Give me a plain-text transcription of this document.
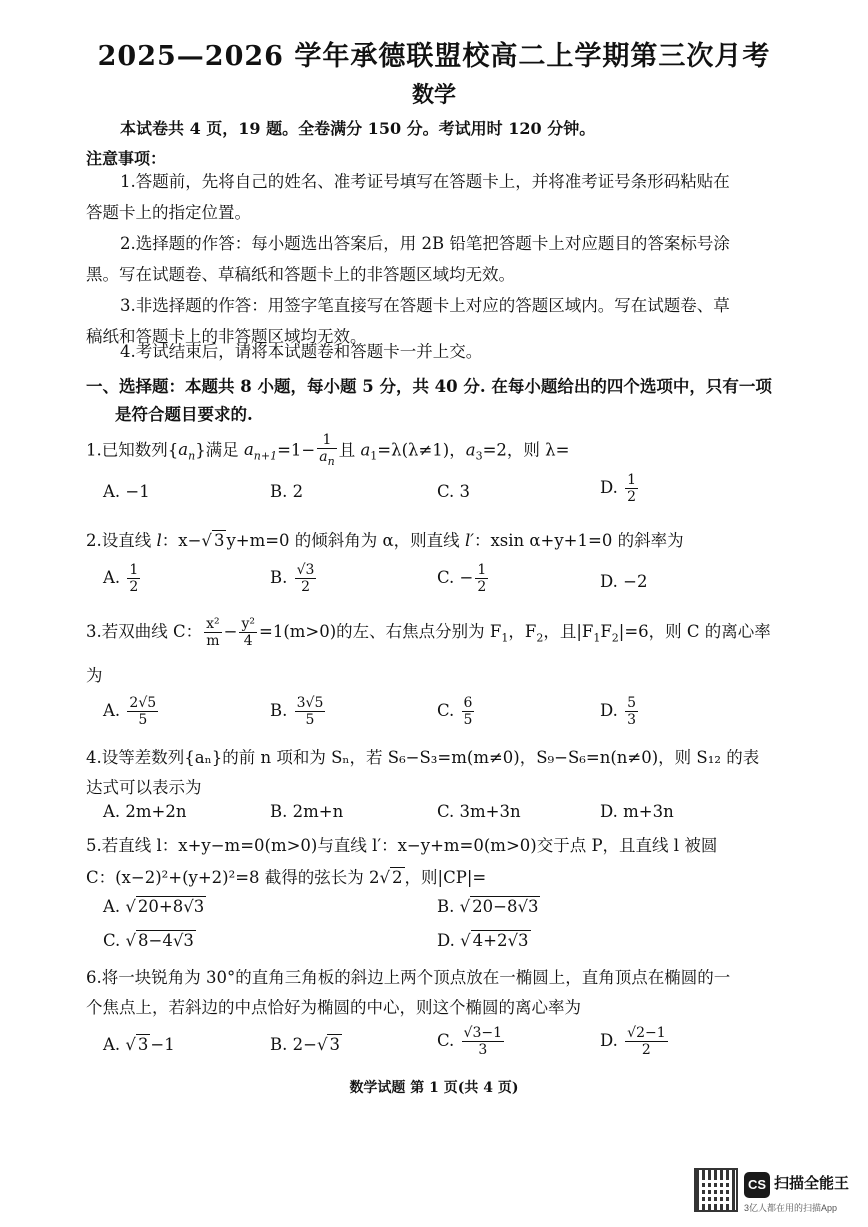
2025—2026 学年承德联盟校高二上学期第三次月考
数学
本试卷共 4 页，19 题。全卷满分 150 分。考试用时 120 分钟。
注意事项：
1.答题前，先将自己的姓名、准考证号填写在答题卡上，并将准考证号条形码粘贴在
答题卡上的指定位置。
2.选择题的作答：每小题选出答案后，用 2B 铅笔把答题卡上对应题目的答案标号涂
黑。写在试题卷、草稿纸和答题卡上的非答题区域均无效。
3.非选择题的作答：用签字笔直接写在答题卡上对应的答题区域内。写在试题卷、草
稿纸和答题卡上的非答题区域均无效。
4.考试结束后，请将本试题卷和答题卡一并上交。
一、选择题：本题共 8 小题，每小题 5 分，共 40 分. 在每小题给出的四个选项中，只有一项
是符合题目要求的.
1.已知数列$\{a_n\}$满足 $a_{n+1}=1- \frac{1}{a_n}$ 且 $a_1=\lambda(\lambda\ne 1)$，$a_3=2$，则 λ=
A. −1	B. 2	C. 3	D. $\frac{1}{2}$
2.设直线 l：x−√ 3 y+m=0 的倾斜角为 α，则直线 l′：xsin α+y+1=0 的斜率为
A. $\frac{1}{2}$	B. $\frac{√3}{2}$	C. − $\frac{1}{2}$	D. −2
3.若双曲线 C： $\frac{\text{x²}}{m} - \frac{\text{y²}}{4} =1(m>0)$的左、右焦点分别为 $F_1$，$F_2$，且$|F_1F_2|=6$，则 C 的离心率
为
A. $\frac{2√5}{5}$	B. $\frac{3√5}{5}$	C. $\frac{6}{5}$	D. $\frac{5}{3}$
4.设等差数列{aₙ}的前 n 项和为 Sₙ，若 S₆−S₃=m(m≠0)，S₉−S₆=n(n≠0)，则 S₁₂ 的表
达式可以表示为
A. 2m+2n	B. 2m+n	C. 3m+3n	D. m+3n
5.若直线 l：x+y−m=0(m>0)与直线 l′：x−y+m=0(m>0)交于点 P，且直线 l 被圆
C：(x−2)²+(y+2)²=8 截得的弦长为 2√ 2 ，则|CP|=
A. √ 20+8√3	B. √ 20−8√3
C. √ 8−4√3	D. √ 4+2√3
6.将一块锐角为 30°的直角三角板的斜边上两个顶点放在一椭圆上，直角顶点在椭圆的一
个焦点上，若斜边的中点恰好为椭圆的中心，则这个椭圆的离心率为
A. √ 3 −1	B. 2−√ 3	C. $\frac{√3-1}{3}$	D. $\frac{√2-1}{2}$
数学试题 第 1 页(共 4 页)
CS 扫描全能王
3亿人都在用的扫描App
